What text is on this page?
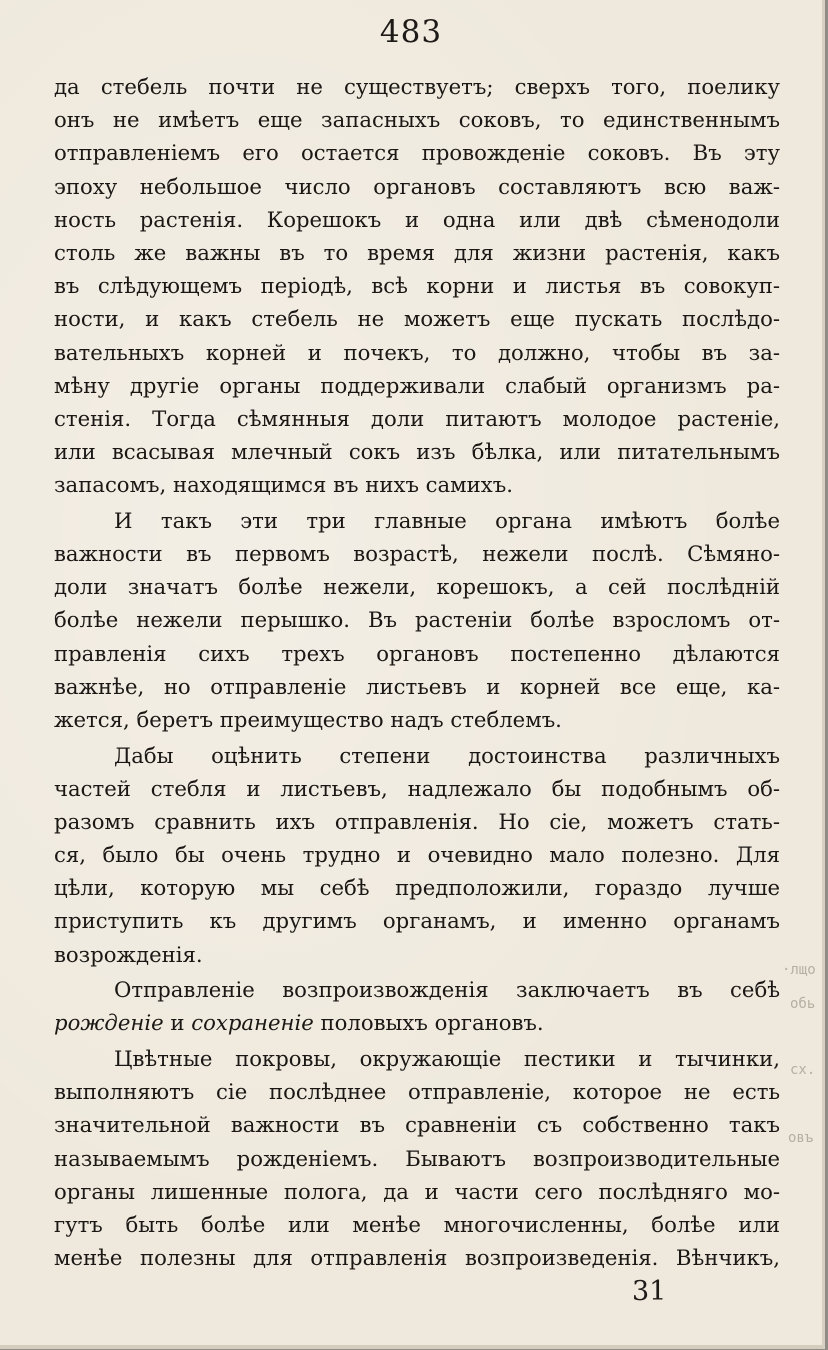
483
да стебель почти не существуетъ; сверхъ того, поелику
онъ не имѣетъ еще запасныхъ соковъ, то единственнымъ
отправленіемъ его остается провожденіе соковъ. Въ эту
эпоху небольшое число органовъ составляютъ всю важ-
ность растенія. Корешокъ и одна или двѣ сѣменодоли
столь же важны въ то время для жизни растенія, какъ
въ слѣдующемъ періодѣ, всѣ корни и листья въ совокуп-
ности, и какъ стебель не можетъ еще пускать послѣдо-
вательныхъ корней и почекъ, то должно, чтобы въ за-
мѣну другіе органы поддерживали слабый организмъ ра-
стенія. Тогда сѣмянныя доли питаютъ молодое растеніе,
или всасывая млечный сокъ изъ бѣлка, или питательнымъ
запасомъ, находящимся въ нихъ самихъ.
И такъ эти три главные органа имѣютъ болѣе
важности въ первомъ возрастѣ, нежели послѣ. Сѣмяно-
доли значатъ болѣе нежели, корешокъ, а сей послѣдній
болѣе нежели перышко. Въ растеніи болѣе взросломъ от-
правленія сихъ трехъ органовъ постепенно дѣлаются
важнѣе, но отправленіе листьевъ и корней все еще, ка-
жется, беретъ преимущество надъ стеблемъ.
Дабы оцѣнить степени достоинства различныхъ
частей стебля и листьевъ, надлежало бы подобнымъ об-
разомъ сравнить ихъ отправленія. Но сіе, можетъ стать-
ся, было бы очень трудно и очевидно мало полезно. Для
цѣли, которую мы себѣ предположили, гораздо лучше
приступить къ другимъ органамъ, и именно органамъ
возрожденія.
Отправленіе возпроизвожденія заключаетъ въ себѣ
рожденіе и сохраненіе половыхъ органовъ.
Цвѣтные покровы, окружающіе пестики и тычинки,
выполняютъ сіе послѣднее отправленіе, которое не есть
значительной важности въ сравненіи съ собственно такъ
называемымъ рожденіемъ. Бываютъ возпроизводительные
органы лишенные полога, да и части сего послѣдняго мо-
гутъ быть болѣе или менѣе многочисленны, болѣе или
менѣе полезны для отправленія возпроизведенія. Вѣнчикъ,
·лщо
обь
сх.
овъ
31
